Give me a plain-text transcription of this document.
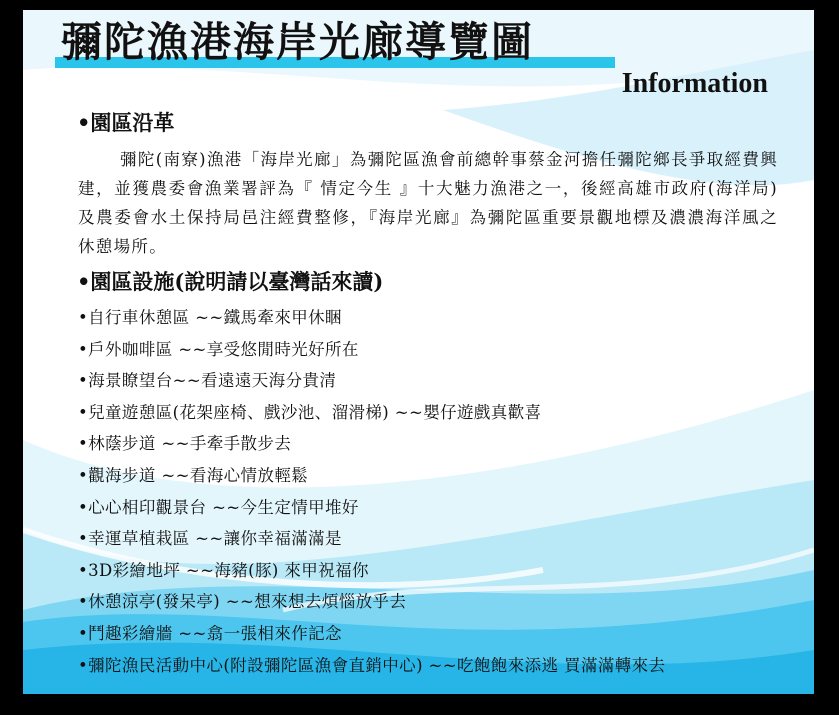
彌陀漁港海岸光廊導覽圖
Information
•園區沿革
彌陀(南寮)漁港「海岸光廊」為彌陀區漁會前總幹事蔡金河擔任彌陀鄉長爭取經費興建，並獲農委會漁業署評為『 情定今生 』十大魅力漁港之一，後經高雄市政府(海洋局)及農委會水土保持局邑注經費整修，『海岸光廊』為彌陀區重要景觀地標及濃濃海洋風之休憩場所。
•園區設施(說明請以臺灣話來讀)
•自行車休憩區 ~~鐵馬牽來甲休睏
•戶外咖啡區 ~~享受悠閒時光好所在
•海景瞭望台~~看遠遠天海分貴清
•兒童遊憩區(花架座椅、戲沙池、溜滑梯) ~~嬰仔遊戲真歡喜
•林蔭步道 ~~手牽手散步去
•觀海步道 ~~看海心情放輕鬆
•心心相印觀景台 ~~今生定情甲堆好
•幸運草植栽區 ~~讓你幸福滿滿是
•3D彩繪地坪 ~~海豬(豚) 來甲祝福你
•休憩涼亭(發呆亭) ~~想來想去煩惱放乎去
•鬥趣彩繪牆 ~~翕一張相來作記念
•彌陀漁民活動中心(附設彌陀區漁會直銷中心) ~~吃飽飽來添逃 買滿滿轉來去
